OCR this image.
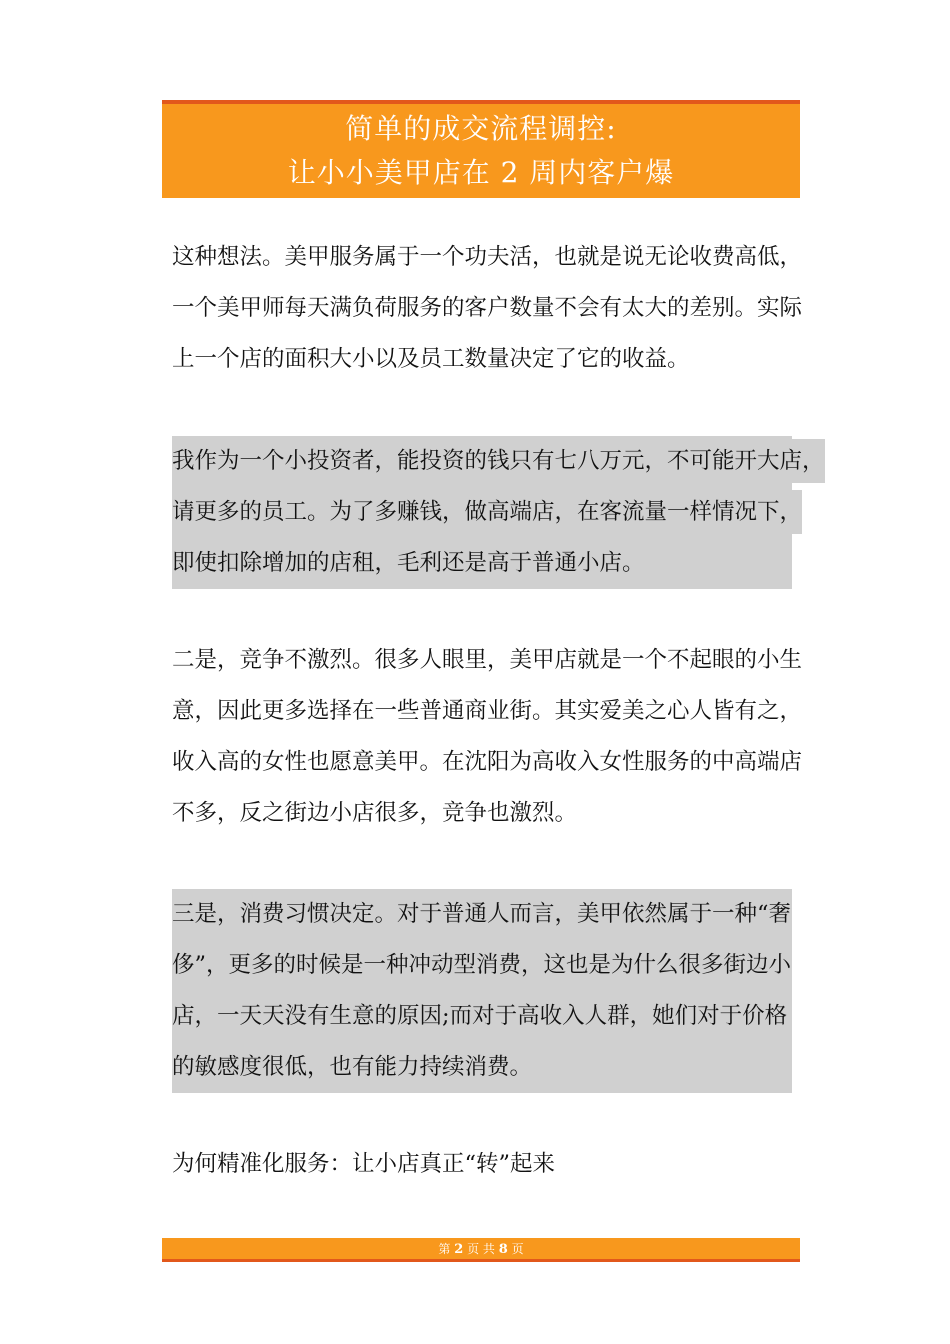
简单的成交流程调控:
让小小美甲店在 2 周内客户爆
这种想法。美甲服务属于一个功夫活，也就是说无论收费高低，
一个美甲师每天满负荷服务的客户数量不会有太大的差别。实际
上一个店的面积大小以及员工数量决定了它的收益。
我作为一个小投资者，能投资的钱只有七八万元，不可能开大店，
请更多的员工。为了多赚钱，做高端店，在客流量一样情况下，
即使扣除增加的店租，毛利还是高于普通小店。
二是，竞争不激烈。很多人眼里，美甲店就是一个不起眼的小生
意，因此更多选择在一些普通商业街。其实爱美之心人皆有之，
收入高的女性也愿意美甲。在沈阳为高收入女性服务的中高端店
不多，反之街边小店很多，竞争也激烈。
三是，消费习惯决定。对于普通人而言，美甲依然属于一种“奢
侈”，更多的时候是一种冲动型消费，这也是为什么很多街边小
店，一天天没有生意的原因;而对于高收入人群，她们对于价格
的敏感度很低，也有能力持续消费。
为何精准化服务：让小店真正“转”起来
第 2 页 共 8 页
